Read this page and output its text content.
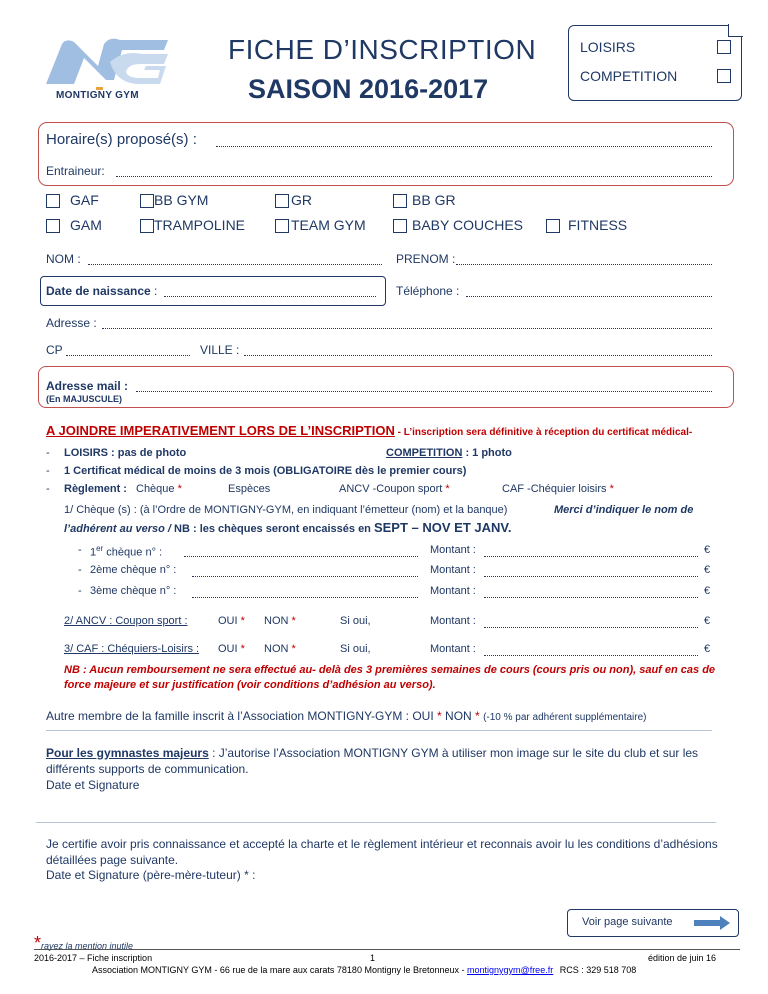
MONTIGNY GYM
FICHE D’INSCRIPTION
SAISON 2016-2017
LOISIRS
COMPETITION
Horaire(s) proposé(s) :
Entraineur:
GAF	BB GYM	GR	BB GR
GAM	TRAMPOLINE	TEAM GYM	BABY COUCHES	FITNESS
NOM :	PRENOM :
Date de naissance :	Téléphone :
Adresse :
CP	VILLE :
Adresse mail :
(En MAJUSCULE)
A JOINDRE IMPERATIVEMENT LORS DE L’INSCRIPTION - L’inscription sera définitive à réception du certificat médical-
- LOISIRS : pas de photo	COMPETITION : 1 photo
- 1 Certificat médical de moins de 3 mois (OBLIGATOIRE dès le premier cours)
- Règlement : Chèque *	Espèces	ANCV -Coupon sport *	CAF -Chéquier loisirs *
1/ Chèque (s) : (à l’Ordre de MONTIGNY-GYM, en indiquant l’émetteur (nom) et la banque)	Merci d’indiquer le nom de
l’adhérent au verso / NB : les chèques seront encaissés en SEPT – NOV ET JANV.
- 1er chèque n° :	Montant :	€
- 2ème chèque n° :	Montant :	€
- 3ème chèque n° :	Montant :	€
2/ ANCV : Coupon sport :	OUI * NON *	Si oui,	Montant :	€
3/ CAF : Chéquiers-Loisirs : OUI * NON *	Si oui,	Montant :	€
NB : Aucun remboursement ne sera effectué au- delà des 3 premières semaines de cours (cours pris ou non), sauf en cas de force majeure et sur justification (voir conditions d’adhésion au verso).
Autre membre de la famille inscrit à l’Association MONTIGNY-GYM : OUI * NON * (-10 % par adhérent supplémentaire)
Pour les gymnastes majeurs : J’autorise l’Association MONTIGNY GYM à utiliser mon image sur le site du club et sur les différents supports de communication.
Date et Signature
Je certifie avoir pris connaissance et accepté la charte et le règlement intérieur et reconnais avoir lu les conditions d’adhésions détaillées page suivante.
Date et Signature (père-mère-tuteur) * :
Voir page suivante
*rayez la mention inutile
2016-2017 – Fiche inscription	1	édition de juin 16
Association MONTIGNY GYM - 66 rue de la mare aux carats 78180 Montigny le Bretonneux - montignygym@free.fr RCS : 329 518 708
